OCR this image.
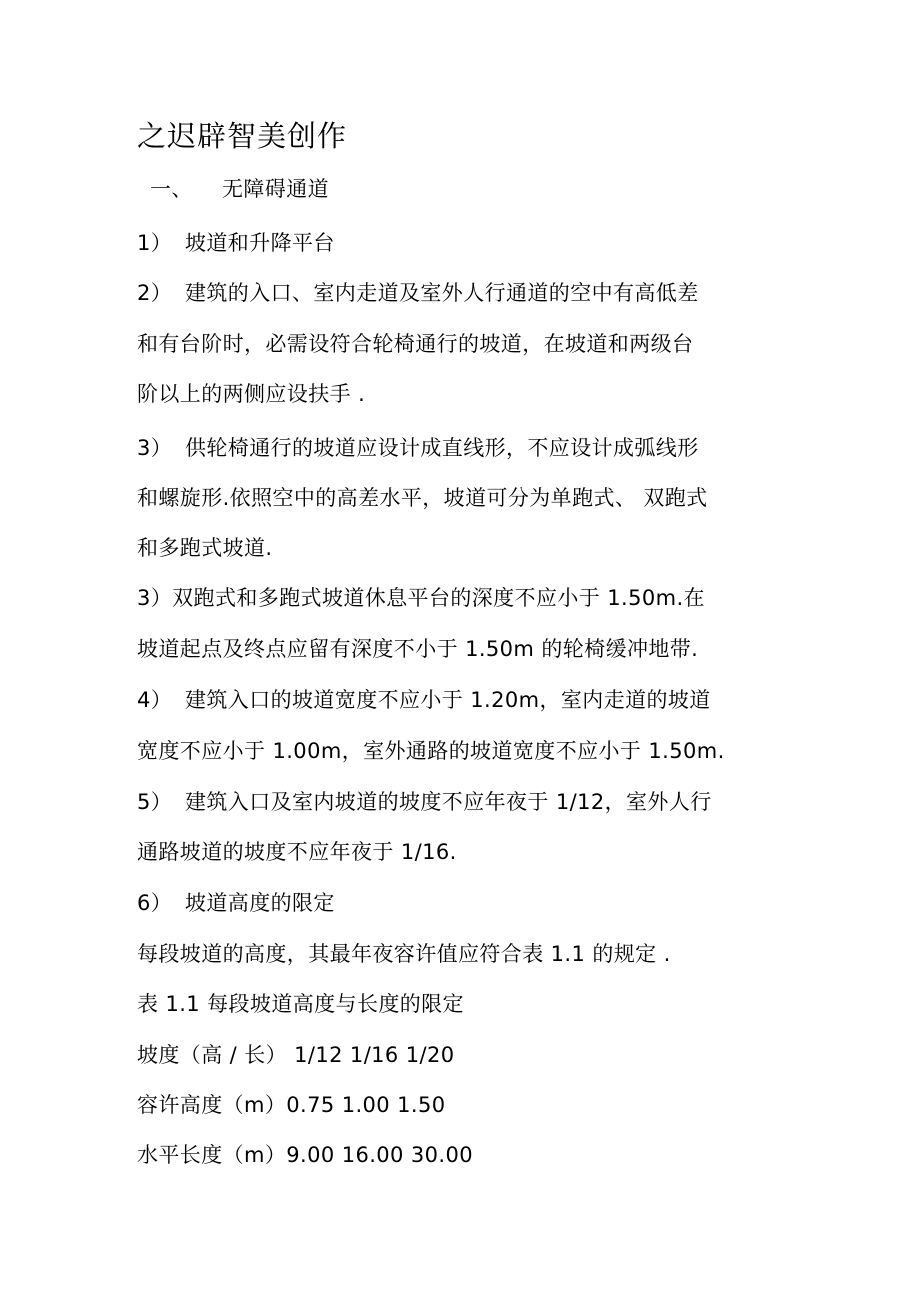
之迟辟智美创作
一、 无障碍通道
1） 坡道和升降平台
2） 建筑的入口、室内走道及室外人行通道的空中有高低差
和有台阶时，必需设符合轮椅通行的坡道，在坡道和两级台
阶以上的两侧应设扶手 .
3） 供轮椅通行的坡道应设计成直线形，不应设计成弧线形
和螺旋形.依照空中的高差水平，坡道可分为单跑式、 双跑式
和多跑式坡道.
3）双跑式和多跑式坡道休息平台的深度不应小于 1.50m.在
坡道起点及终点应留有深度不小于 1.50m 的轮椅缓冲地带.
4） 建筑入口的坡道宽度不应小于 1.20m，室内走道的坡道
宽度不应小于 1.00m，室外通路的坡道宽度不应小于 1.50m.
5） 建筑入口及室内坡道的坡度不应年夜于 1/12，室外人行
通路坡道的坡度不应年夜于 1/16.
6） 坡道高度的限定
每段坡道的高度，其最年夜容许值应符合表 1.1 的规定 .
表 1.1 每段坡道高度与长度的限定
坡度（高 / 长） 1/12 1/16 1/20
容许高度（m）0.75 1.00 1.50
水平长度（m）9.00 16.00 30.00
